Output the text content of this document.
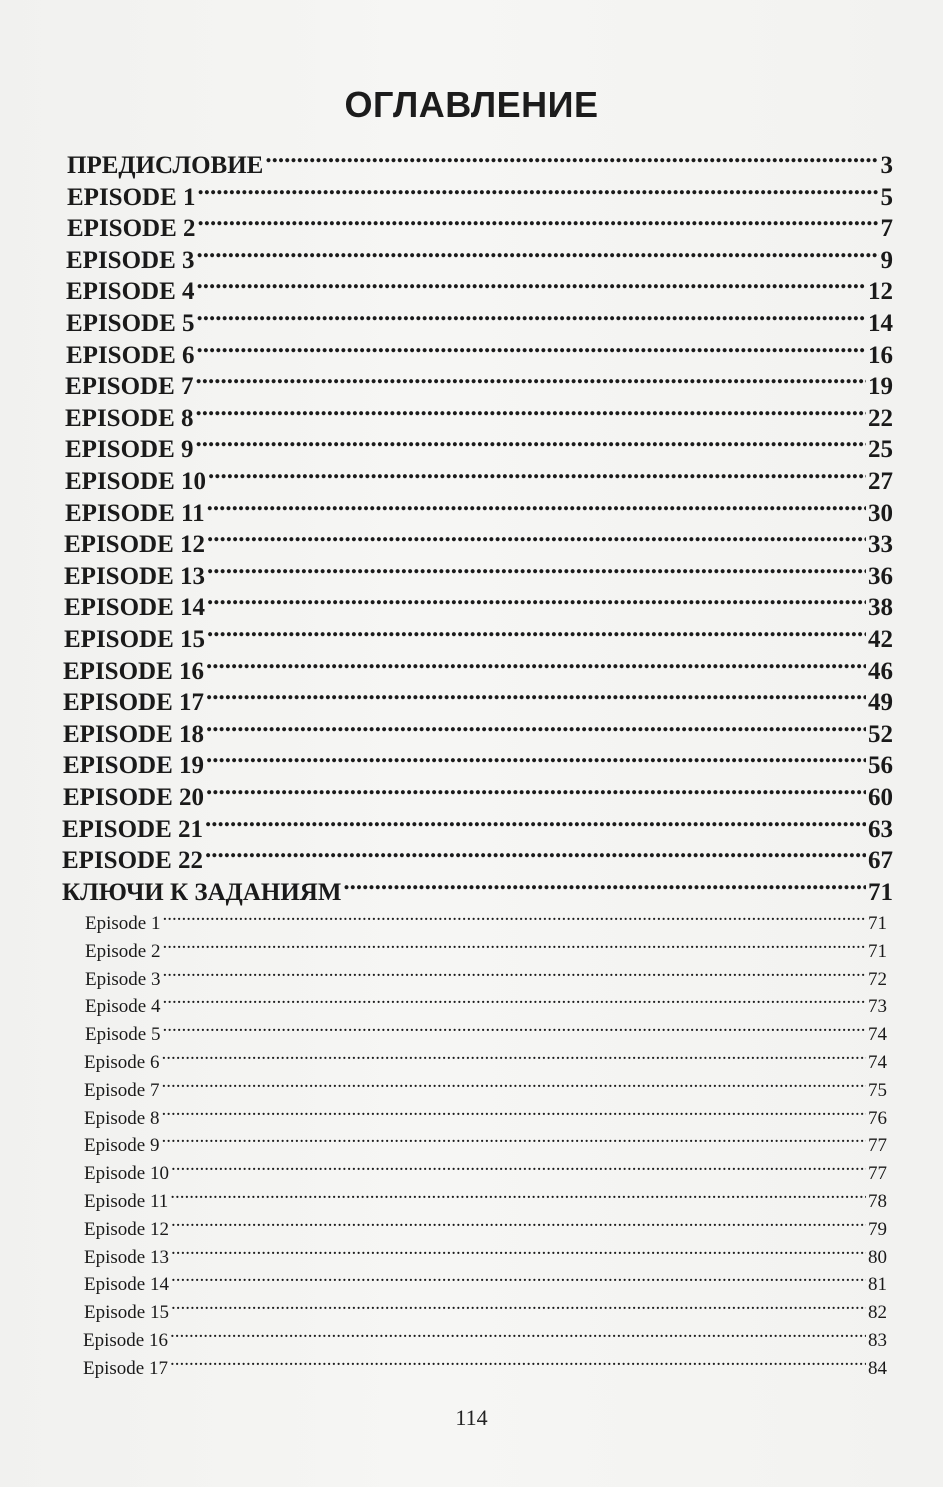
ОГЛАВЛЕНИЕ
ПРЕДИСЛОВИЕ .....	3
EPISODE 1 .....	5
EPISODE 2 .....	7
EPISODE 3 .....	9
EPISODE 4 .....	12
EPISODE 5 .....	14
EPISODE 6 .....	16
EPISODE 7 .....	19
EPISODE 8 .....	22
EPISODE 9 .....	25
EPISODE 10 .....	27
EPISODE 11 .....	30
EPISODE 12 .....	33
EPISODE 13 .....	36
EPISODE 14 .....	38
EPISODE 15 .....	42
EPISODE 16 .....	46
EPISODE 17 .....	49
EPISODE 18 .....	52
EPISODE 19 .....	56
EPISODE 20 .....	60
EPISODE 21 .....	63
EPISODE 22 .....	67
КЛЮЧИ К ЗАДАНИЯМ .....	71
Episode 1 .....	71
Episode 2 .....	71
Episode 3 .....	72
Episode 4 .....	73
Episode 5 .....	74
Episode 6 .....	74
Episode 7 .....	75
Episode 8 .....	76
Episode 9 .....	77
Episode 10 .....	77
Episode 11 .....	78
Episode 12 .....	79
Episode 13 .....	80
Episode 14 .....	81
Episode 15 .....	82
Episode 16 .....	83
Episode 17 .....	84
114
